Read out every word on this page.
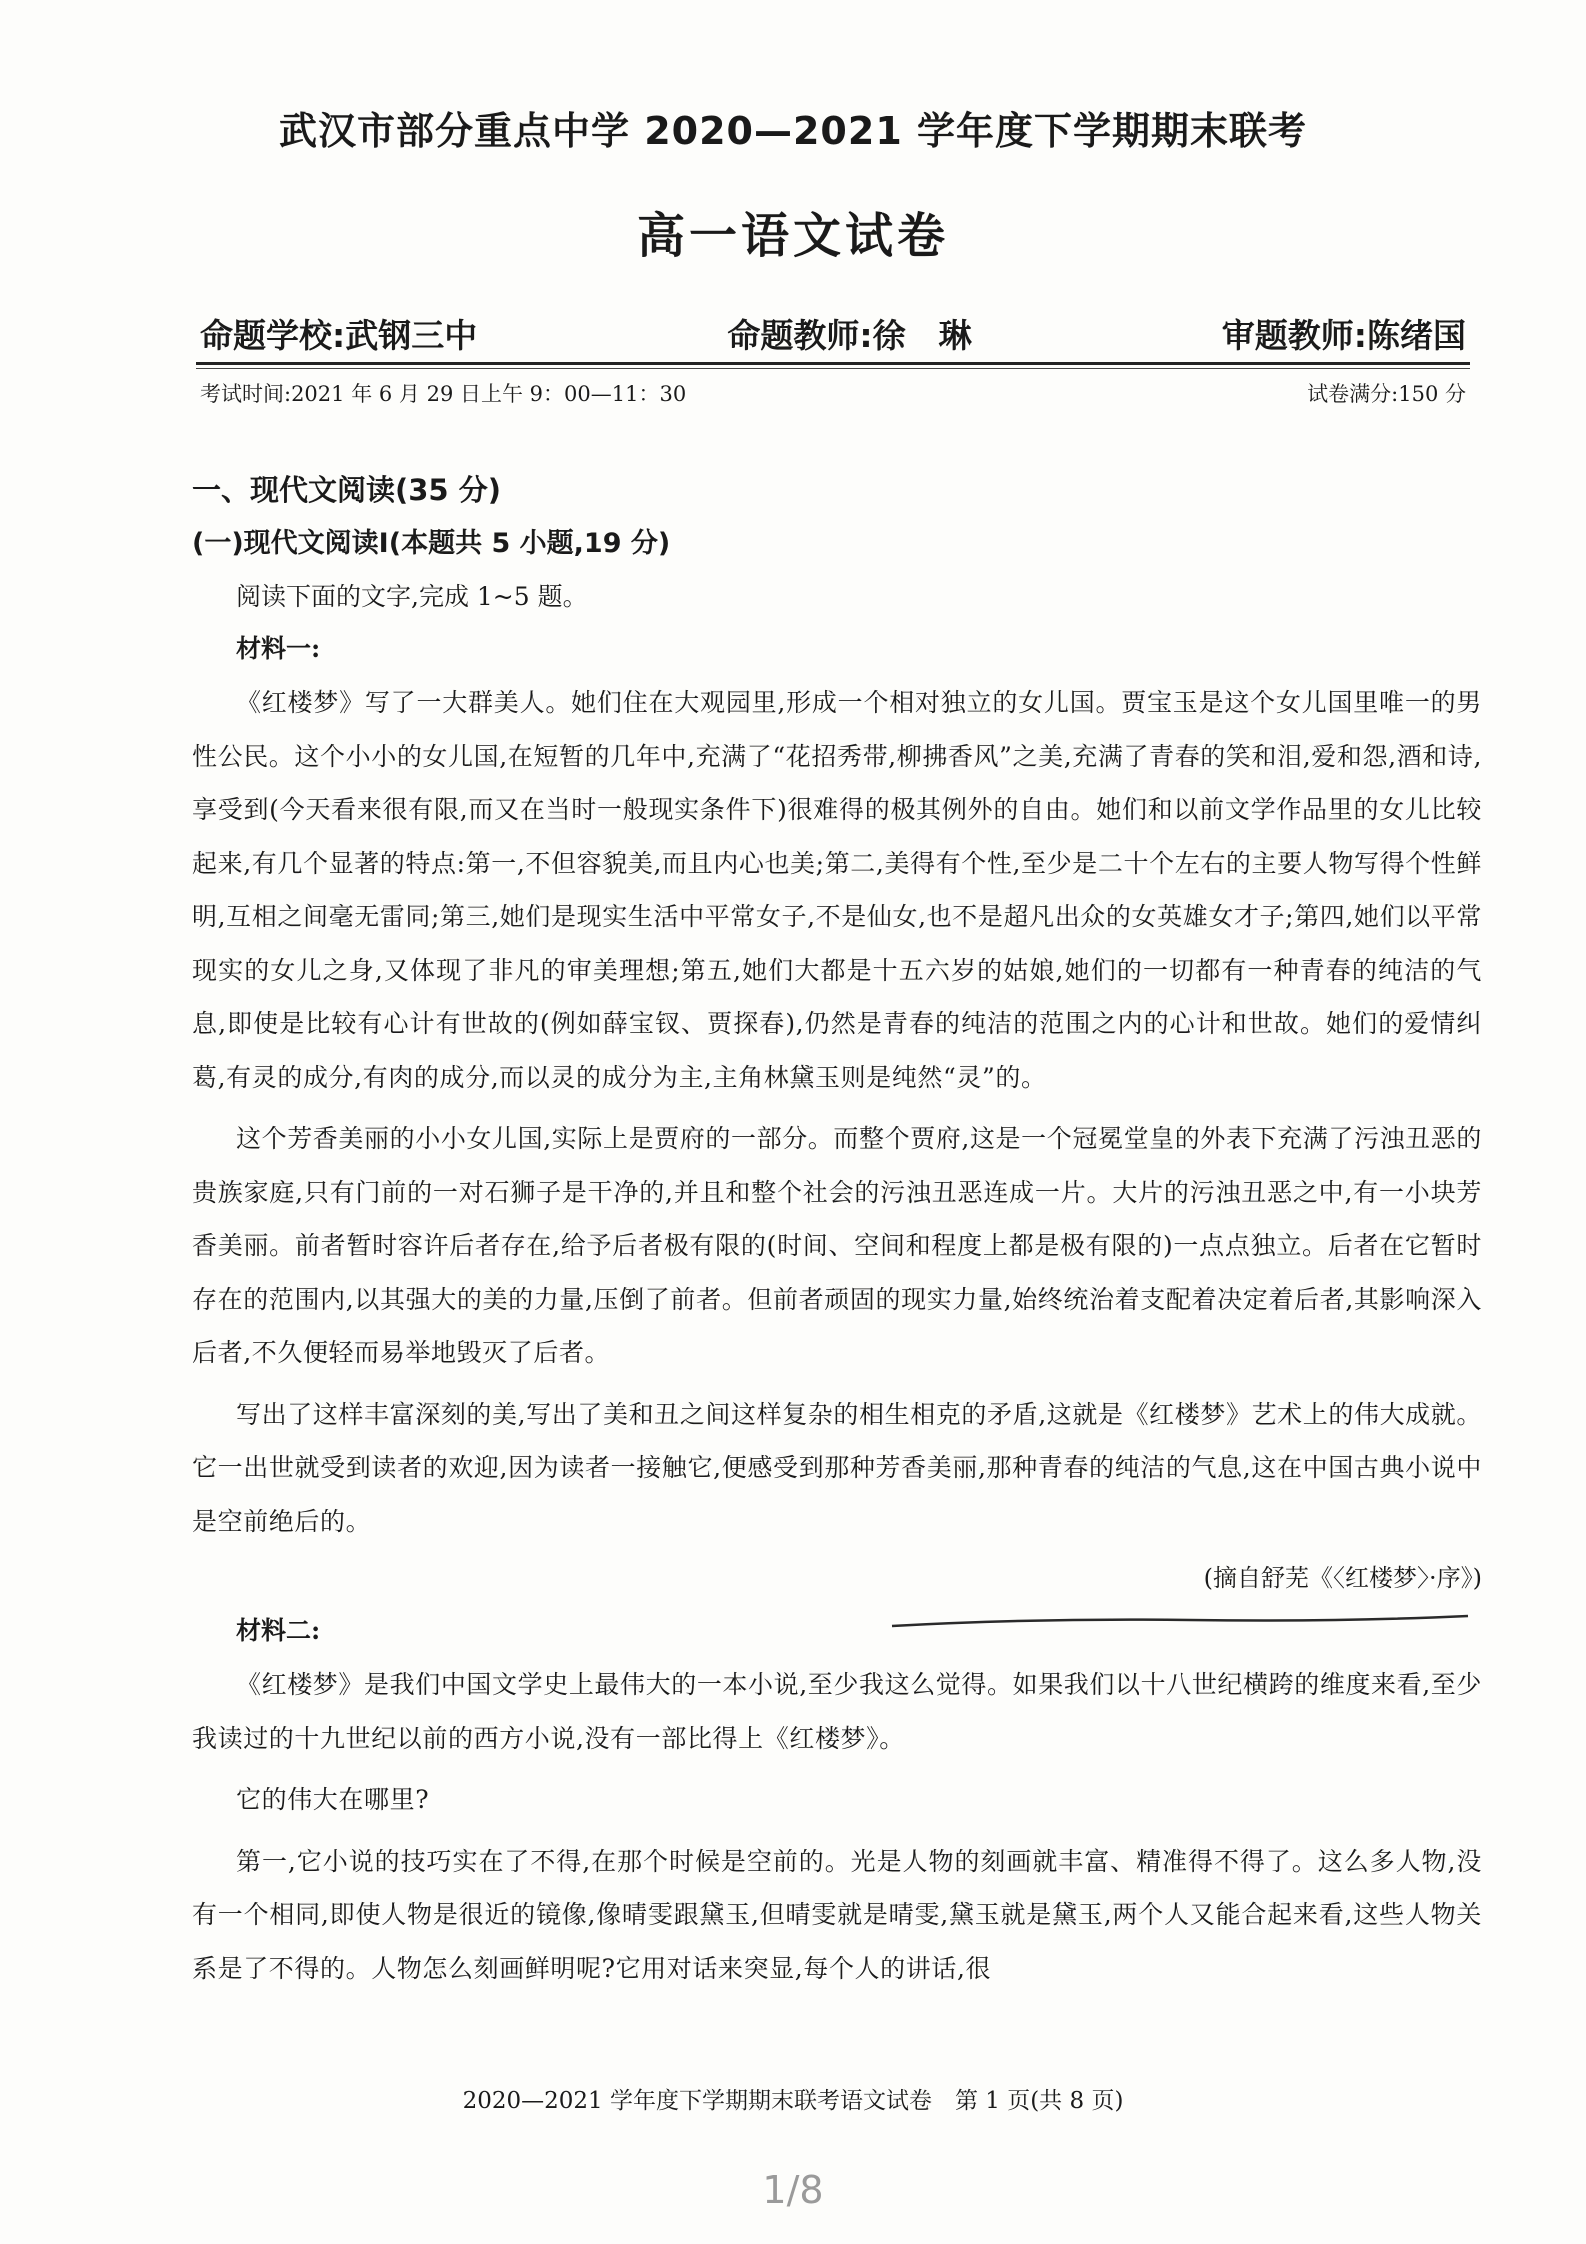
武汉市部分重点中学 2020—2021 学年度下学期期末联考
高一语文试卷
命题学校:武钢三中	命题教师:徐　琳	审题教师:陈绪国
考试时间:2021 年 6 月 29 日上午 9：00—11：30	试卷满分:150 分

一、现代文阅读(35 分)

(一)现代文阅读Ⅰ(本题共 5 小题,19 分)

阅读下面的文字,完成 1~5 题。

材料一:

《红楼梦》写了一大群美人。她们住在大观园里,形成一个相对独立的女儿国。贾宝玉是这个女儿国里唯一的男性公民。这个小小的女儿国,在短暂的几年中,充满了“花招秀带,柳拂香风”之美,充满了青春的笑和泪,爱和怨,酒和诗,享受到(今天看来很有限,而又在当时一般现实条件下)很难得的极其例外的自由。她们和以前文学作品里的女儿比较起来,有几个显著的特点:第一,不但容貌美,而且内心也美;第二,美得有个性,至少是二十个左右的主要人物写得个性鲜明,互相之间毫无雷同;第三,她们是现实生活中平常女子,不是仙女,也不是超凡出众的女英雄女才子;第四,她们以平常现实的女儿之身,又体现了非凡的审美理想;第五,她们大都是十五六岁的姑娘,她们的一切都有一种青春的纯洁的气息,即使是比较有心计有世故的(例如薛宝钗、贾探春),仍然是青春的纯洁的范围之内的心计和世故。她们的爱情纠葛,有灵的成分,有肉的成分,而以灵的成分为主,主角林黛玉则是纯然“灵”的。

这个芳香美丽的小小女儿国,实际上是贾府的一部分。而整个贾府,这是一个冠冕堂皇的外表下充满了污浊丑恶的贵族家庭,只有门前的一对石狮子是干净的,并且和整个社会的污浊丑恶连成一片。大片的污浊丑恶之中,有一小块芳香美丽。前者暂时容许后者存在,给予后者极有限的(时间、空间和程度上都是极有限的)一点点独立。后者在它暂时存在的范围内,以其强大的美的力量,压倒了前者。但前者顽固的现实力量,始终统治着支配着决定着后者,其影响深入后者,不久便轻而易举地毁灭了后者。

写出了这样丰富深刻的美,写出了美和丑之间这样复杂的相生相克的矛盾,这就是《红楼梦》艺术上的伟大成就。它一出世就受到读者的欢迎,因为读者一接触它,便感受到那种芳香美丽,那种青春的纯洁的气息,这在中国古典小说中是空前绝后的。

(摘自舒芜《〈红楼梦〉·序》)

材料二:

《红楼梦》是我们中国文学史上最伟大的一本小说,至少我这么觉得。如果我们以十八世纪横跨的维度来看,至少我读过的十九世纪以前的西方小说,没有一部比得上《红楼梦》。

它的伟大在哪里?

第一,它小说的技巧实在了不得,在那个时候是空前的。光是人物的刻画就丰富、精准得不得了。这么多人物,没有一个相同,即使人物是很近的镜像,像晴雯跟黛玉,但晴雯就是晴雯,黛玉就是黛玉,两个人又能合起来看,这些人物关系是了不得的。人物怎么刻画鲜明呢?它用对话来突显,每个人的讲话,很

2020—2021 学年度下学期期末联考语文试卷　第 1 页(共 8 页)
1/8
